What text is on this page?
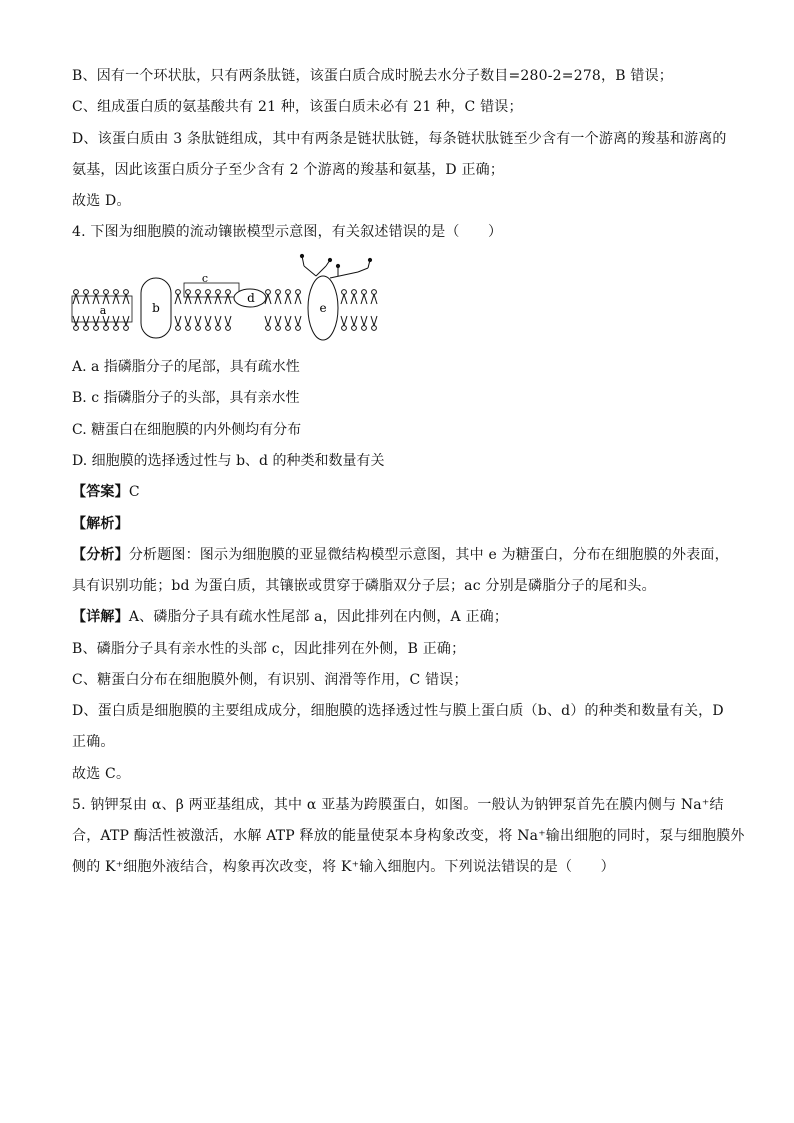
B、因有一个环状肽，只有两条肽链，该蛋白质合成时脱去水分子数目=280-2=278，B 错误；
C、组成蛋白质的氨基酸共有 21 种，该蛋白质未必有 21 种，C 错误；
D、该蛋白质由 3 条肽链组成，其中有两条是链状肽链，每条链状肽链至少含有一个游离的羧基和游离的
氨基，因此该蛋白质分子至少含有 2 个游离的羧基和氨基，D 正确；
故选 D。
4. 下图为细胞膜的流动镶嵌模型示意图，有关叙述错误的是（　　）
a	b
c
d
e
A. a 指磷脂分子的尾部，具有疏水性
B. c 指磷脂分子的头部，具有亲水性
C. 糖蛋白在细胞膜的内外侧均有分布
D. 细胞膜的选择透过性与 b、d 的种类和数量有关
【答案】C
【解析】
【分析】分析题图：图示为细胞膜的亚显微结构模型示意图，其中 e 为糖蛋白，分布在细胞膜的外表面，
具有识别功能；bd 为蛋白质，其镶嵌或贯穿于磷脂双分子层；ac 分别是磷脂分子的尾和头。
【详解】A、磷脂分子具有疏水性尾部 a，因此排列在内侧，A 正确；
B、磷脂分子具有亲水性的头部 c，因此排列在外侧，B 正确；
C、糖蛋白分布在细胞膜外侧，有识别、润滑等作用，C 错误；
D、蛋白质是细胞膜的主要组成成分，细胞膜的选择透过性与膜上蛋白质（b、d）的种类和数量有关，D
正确。
故选 C。
5. 钠钾泵由 α、β 两亚基组成，其中 α 亚基为跨膜蛋白，如图。一般认为钠钾泵首先在膜内侧与 Na⁺结
合，ATP 酶活性被激活，水解 ATP 释放的能量使泵本身构象改变，将 Na⁺输出细胞的同时，泵与细胞膜外
侧的 K⁺细胞外液结合，构象再次改变，将 K⁺输入细胞内。下列说法错误的是（　　）
